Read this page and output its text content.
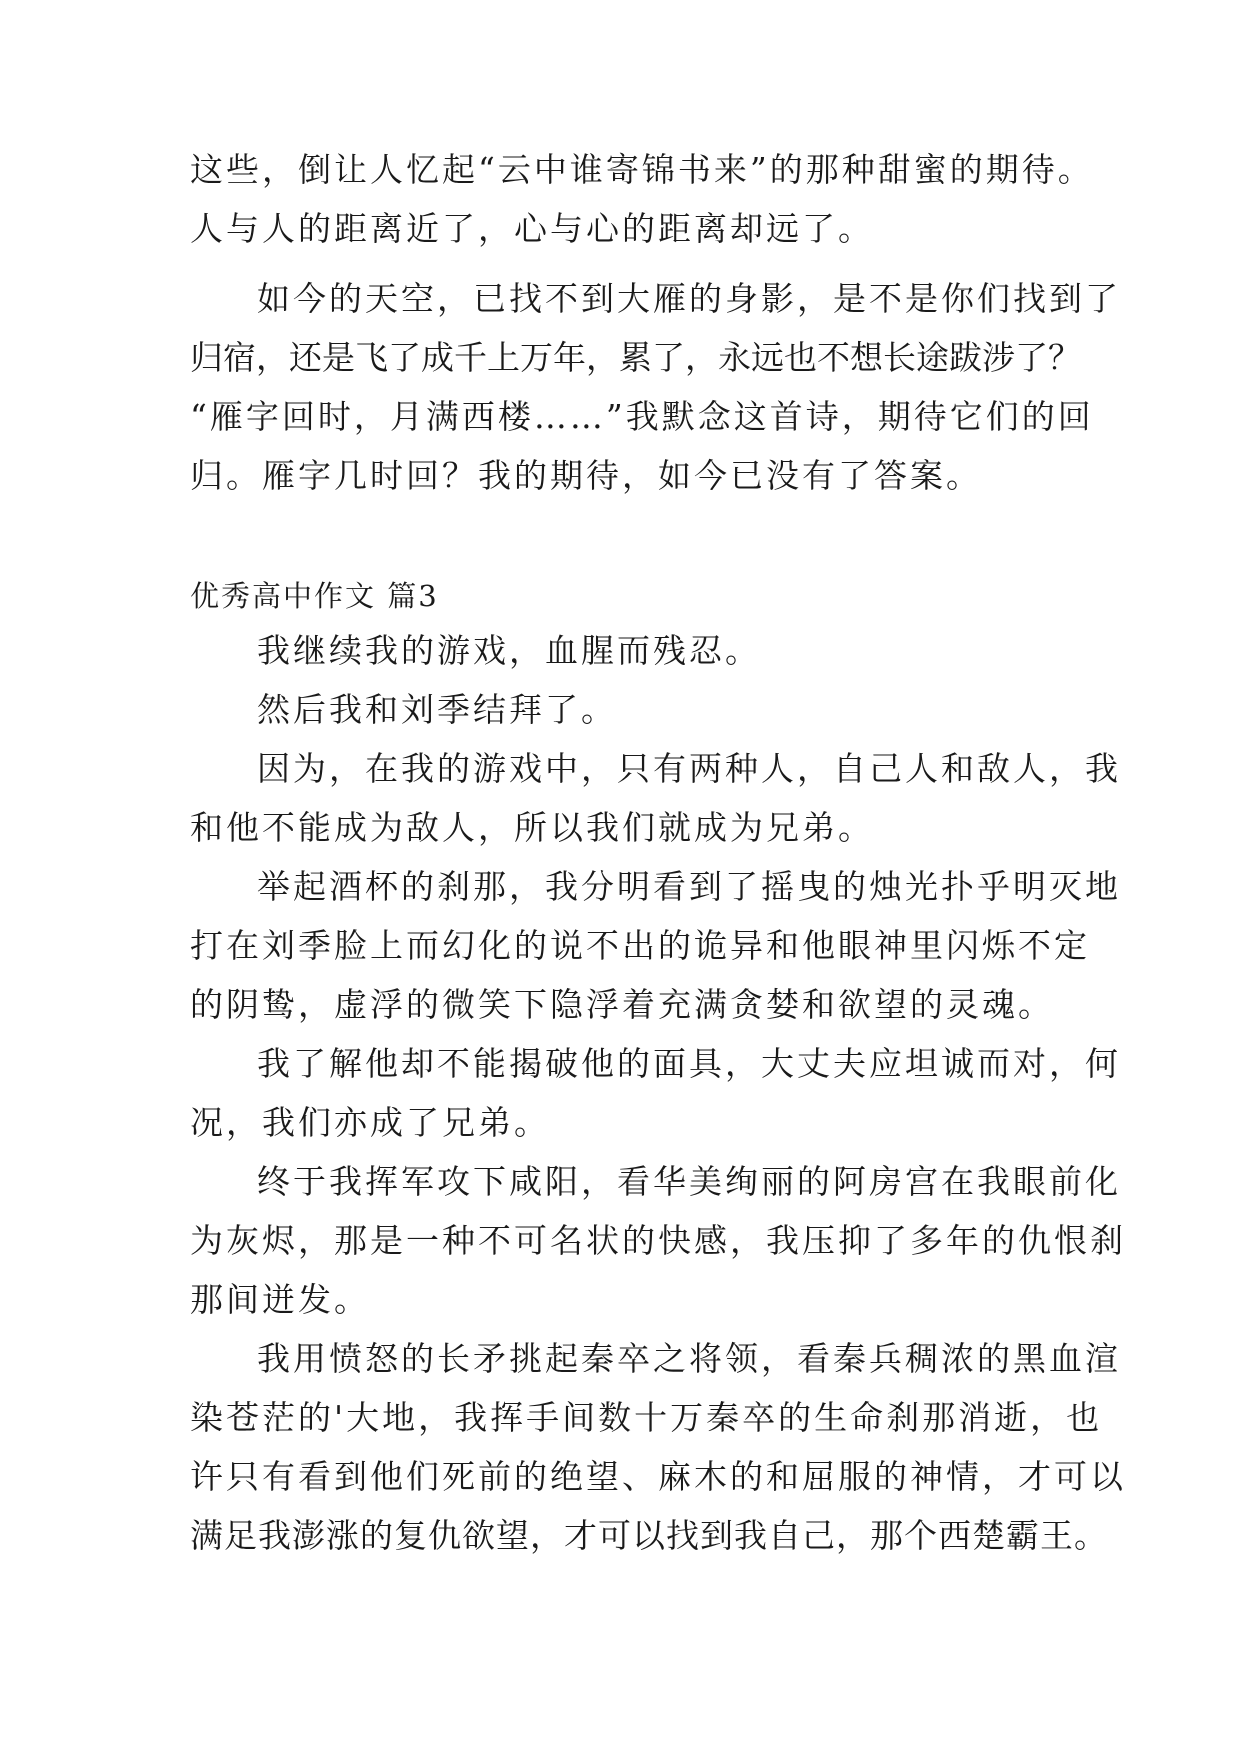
这些，倒让人忆起“云中谁寄锦书来”的那种甜蜜的期待。
人与人的距离近了，心与心的距离却远了。
如今的天空，已找不到大雁的身影，是不是你们找到了
归宿，还是飞了成千上万年，累了，永远也不想长途跋涉了？
“雁字回时，月满西楼……”我默念这首诗，期待它们的回
归。雁字几时回？我的期待，如今已没有了答案。
优秀高中作文 篇3
我继续我的游戏，血腥而残忍。
然后我和刘季结拜了。
因为，在我的游戏中，只有两种人，自己人和敌人，我
和他不能成为敌人，所以我们就成为兄弟。
举起酒杯的刹那，我分明看到了摇曳的烛光扑乎明灭地
打在刘季脸上而幻化的说不出的诡异和他眼神里闪烁不定
的阴鸷，虚浮的微笑下隐浮着充满贪婪和欲望的灵魂。
我了解他却不能揭破他的面具，大丈夫应坦诚而对，何
况，我们亦成了兄弟。
终于我挥军攻下咸阳，看华美绚丽的阿房宫在我眼前化
为灰烬，那是一种不可名状的快感，我压抑了多年的仇恨刹
那间迸发。
我用愤怒的长矛挑起秦卒之将领，看秦兵稠浓的黑血渲
染苍茫的'大地，我挥手间数十万秦卒的生命刹那消逝，也
许只有看到他们死前的绝望、麻木的和屈服的神情，才可以
满足我澎涨的复仇欲望，才可以找到我自己，那个西楚霸王。
